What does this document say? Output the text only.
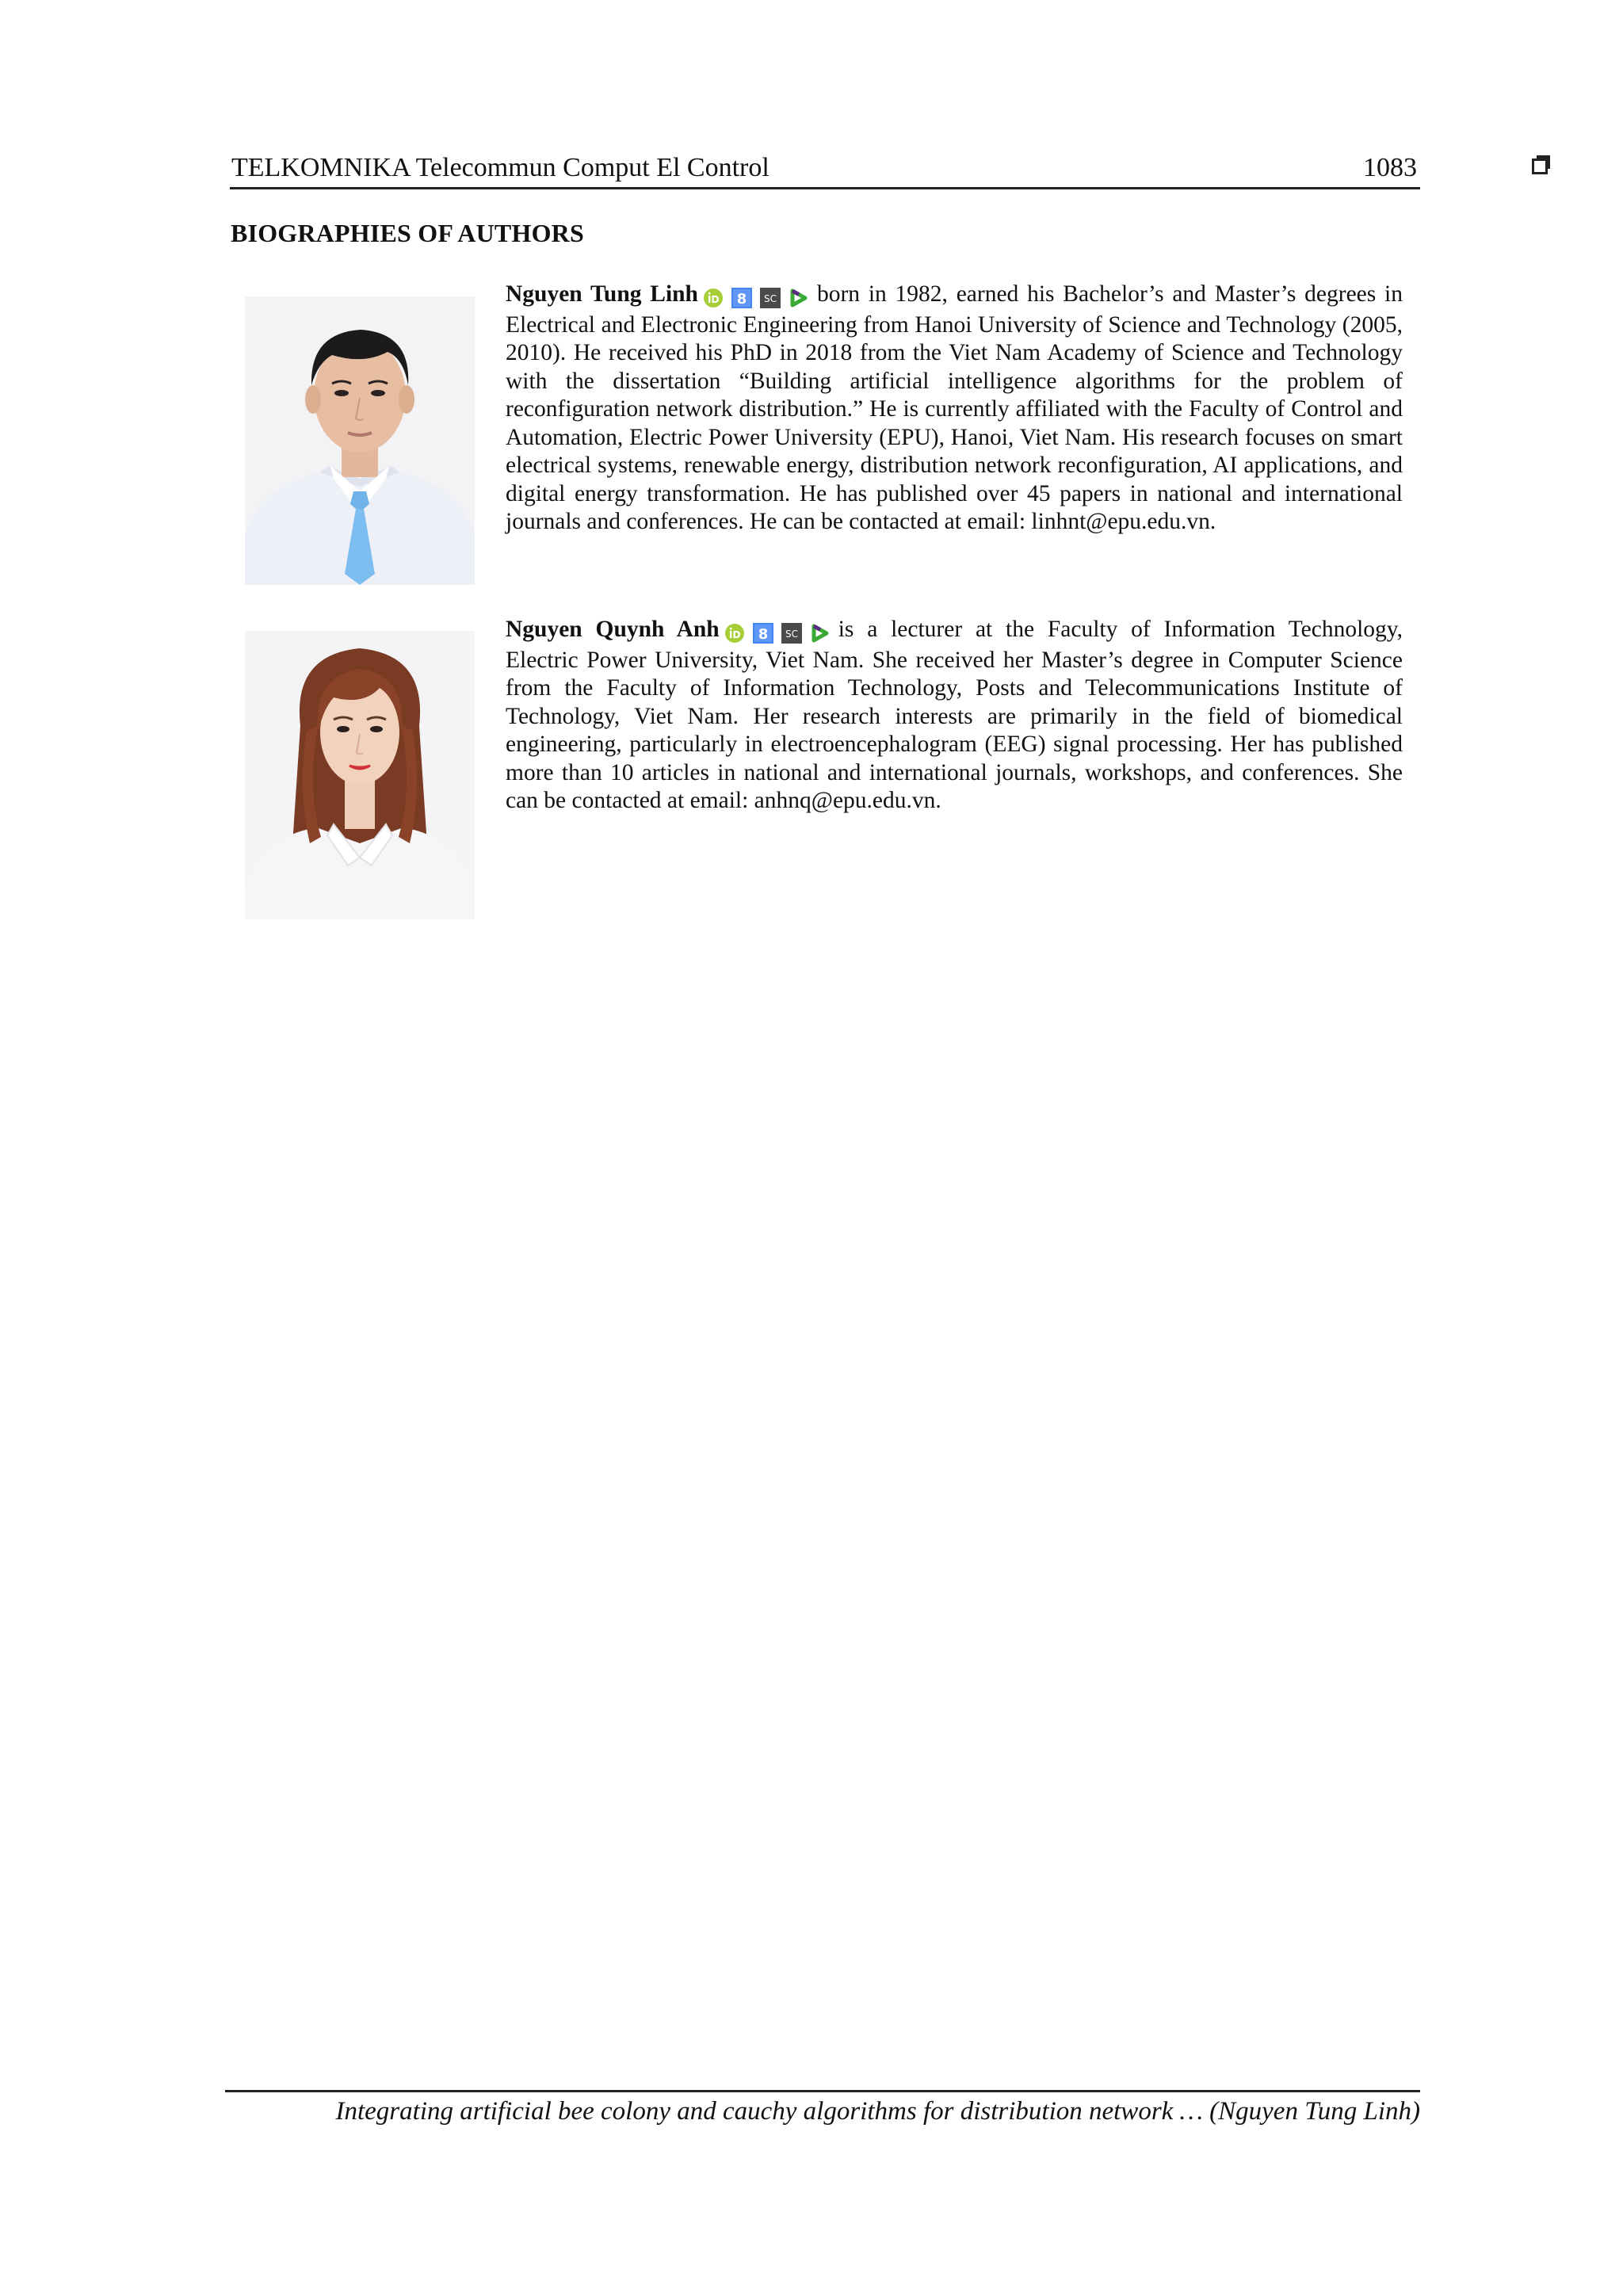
TELKOMNIKA Telecommun Comput El Control	1083
BIOGRAPHIES OF AUTHORS
Nguyen Tung Linh	8 SC born in 1982, earned his Bachelor’s and Master’s degrees in Electrical and Electronic Engineering from Hanoi University of Science and Technology (2005, 2010). He received his PhD in 2018 from the Viet Nam Academy of Science and Technology with the dissertation “Building artificial intelligence algorithms for the problem of reconfiguration network distribution.” He is currently affiliated with the Faculty of Control and Automation, Electric Power University (EPU), Hanoi, Viet Nam. His research focuses on smart electrical systems, renewable energy, distribution network reconfiguration, AI applications, and digital energy transformation. He has published over 45 papers in national and international journals and conferences. He can be contacted at email: linhnt@epu.edu.vn.
Nguyen Quynh Anh	8 SC is a lecturer at the Faculty of Information Technology, Electric Power University, Viet Nam. She received her Master’s degree in Computer Science from the Faculty of Information Technology, Posts and Telecommunications Institute of Technology, Viet Nam. Her research interests are primarily in the field of biomedical engineering, particularly in electroencephalogram (EEG) signal processing. Her has published more than 10 articles in national and international journals, workshops, and conferences. She can be contacted at email: anhnq@epu.edu.vn.
Integrating artificial bee colony and cauchy algorithms for distribution network … (Nguyen Tung Linh)
